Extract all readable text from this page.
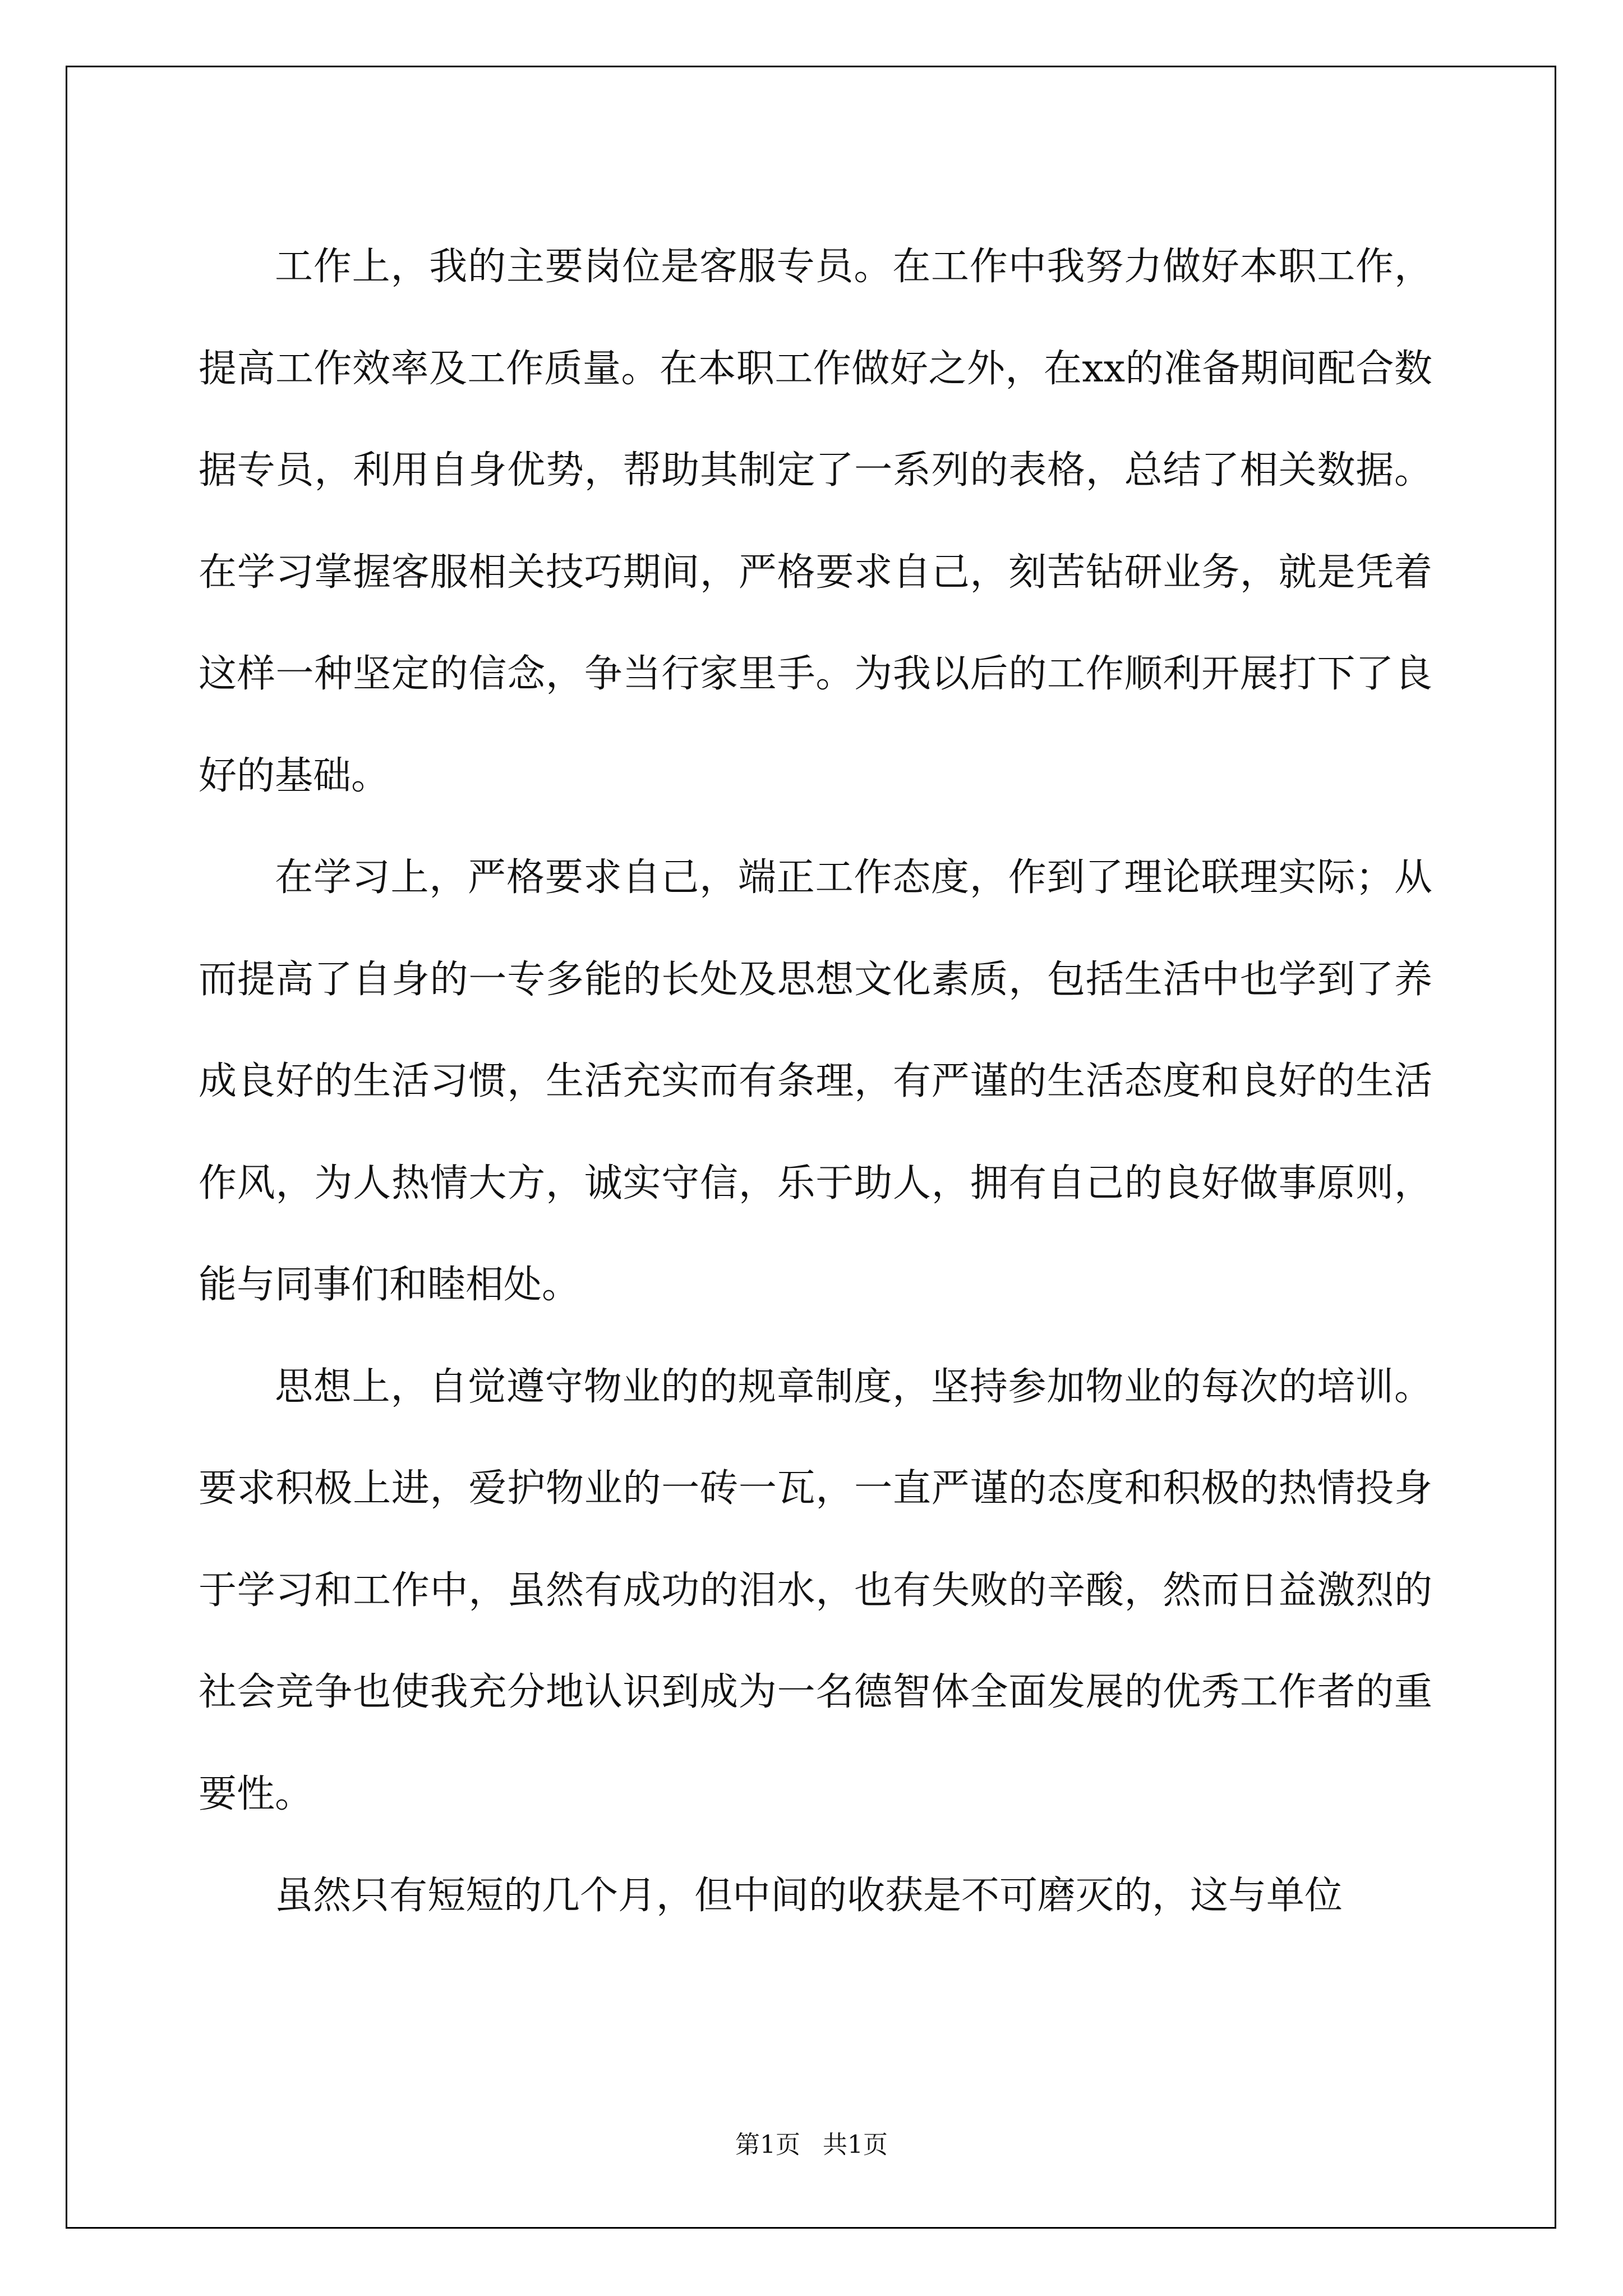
工作上，我的主要岗位是客服专员。在工作中我努力做好本职工作，提高工作效率及工作质量。在本职工作做好之外，在xx的准备期间配合数据专员，利用自身优势，帮助其制定了一系列的表格，总结了相关数据。在学习掌握客服相关技巧期间，严格要求自己，刻苦钻研业务，就是凭着这样一种坚定的信念，争当行家里手。为我以后的工作顺利开展打下了良好的基础。

在学习上，严格要求自己，端正工作态度，作到了理论联理实际；从而提高了自身的一专多能的长处及思想文化素质，包括生活中也学到了养成良好的生活习惯，生活充实而有条理，有严谨的生活态度和良好的生活作风，为人热情大方，诚实守信，乐于助人，拥有自己的良好做事原则，能与同事们和睦相处。

思想上，自觉遵守物业的的规章制度，坚持参加物业的每次的培训。要求积极上进，爱护物业的一砖一瓦，一直严谨的态度和积极的热情投身于学习和工作中，虽然有成功的泪水，也有失败的辛酸，然而日益激烈的社会竞争也使我充分地认识到成为一名德智体全面发展的优秀工作者的重要性。

虽然只有短短的几个月，但中间的收获是不可磨灭的，这与单位

第1页 共1页
